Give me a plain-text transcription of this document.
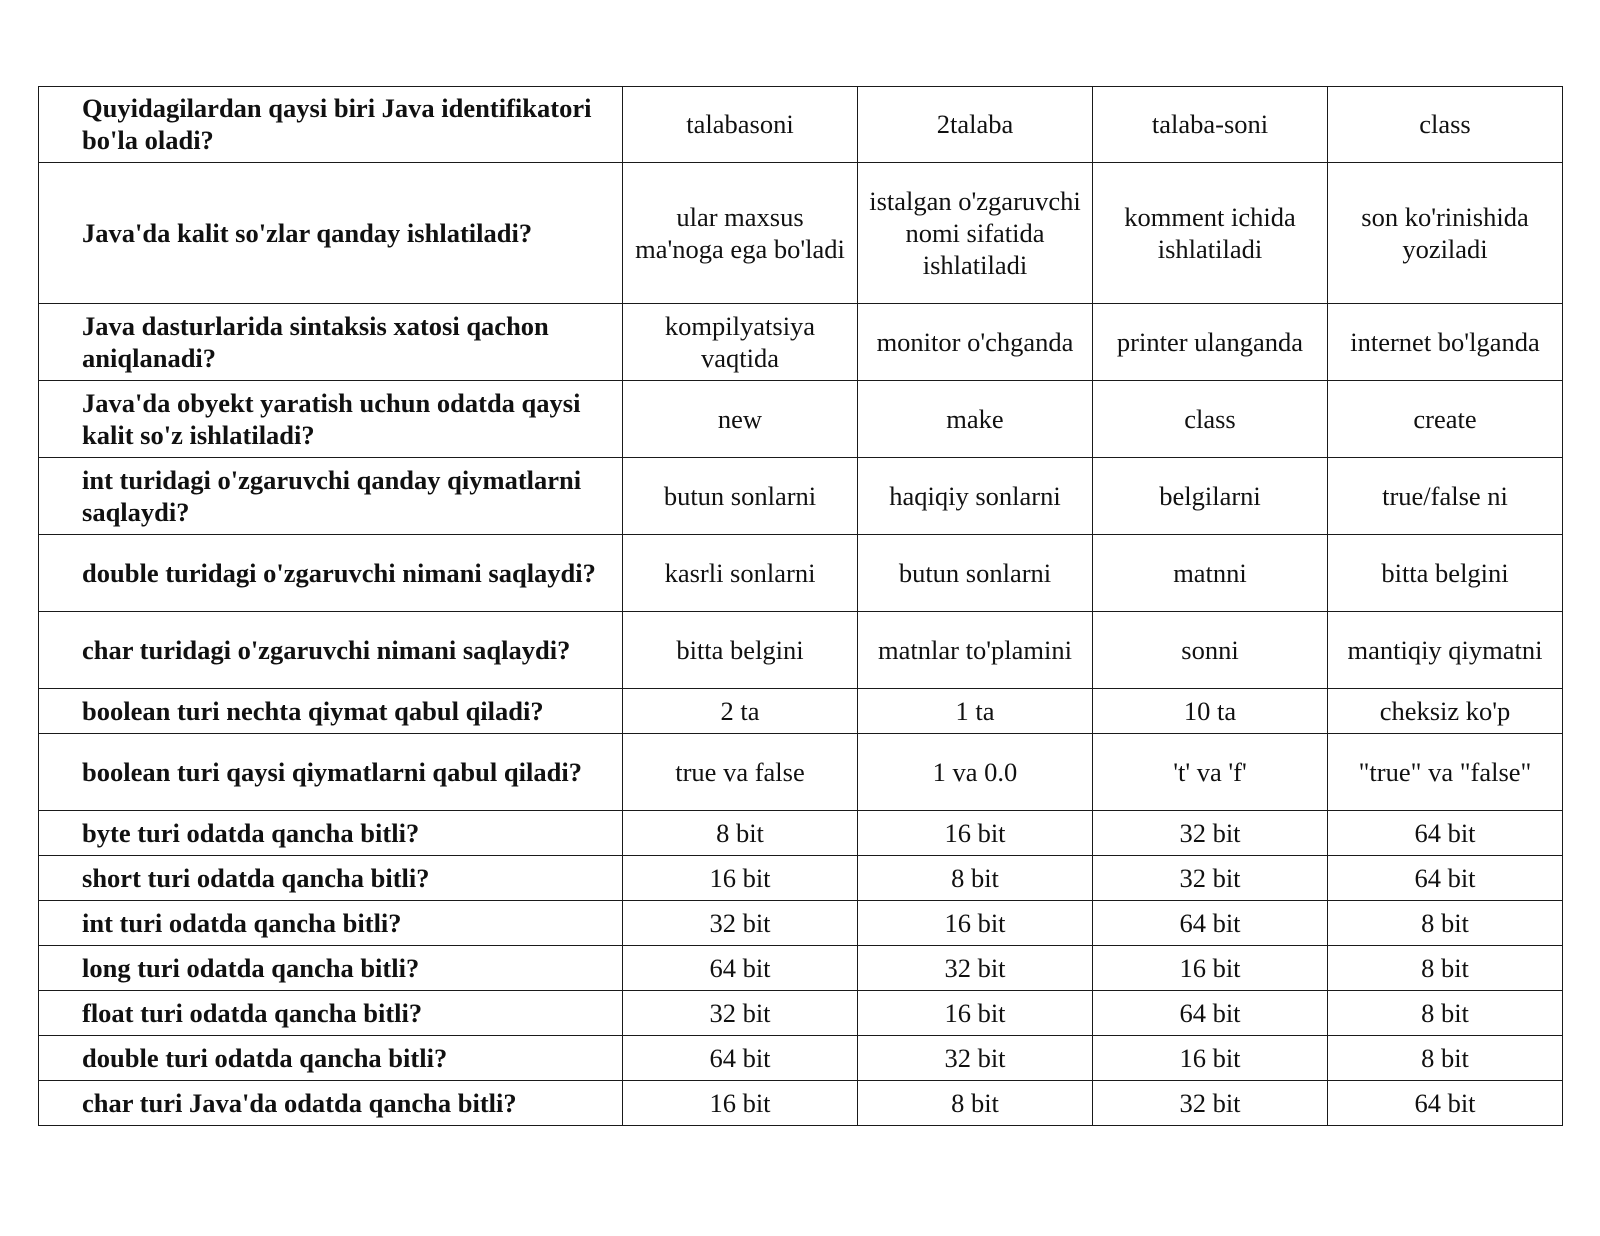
Quyidagilardan qaysi biri Java identifikatori bo'la oladi?	talabasoni	2talaba	talaba-soni	class
Java'da kalit so'zlar qanday ishlatiladi?	ular maxsus ma'noga ega bo'ladi	istalgan o'zgaruvchi nomi sifatida ishlatiladi	komment ichida ishlatiladi	son ko'rinishida yoziladi
Java dasturlarida sintaksis xatosi qachon aniqlanadi?	kompilyatsiya vaqtida	monitor o'chganda	printer ulanganda	internet bo'lganda
Java'da obyekt yaratish uchun odatda qaysi kalit so'z ishlatiladi?	new	make	class	create
int turidagi o'zgaruvchi qanday qiymatlarni saqlaydi?	butun sonlarni	haqiqiy sonlarni	belgilarni	true/false ni
double turidagi o'zgaruvchi nimani saqlaydi?	kasrli sonlarni	butun sonlarni	matnni	bitta belgini
char turidagi o'zgaruvchi nimani saqlaydi?	bitta belgini	matnlar to'plamini	sonni	mantiqiy qiymatni
boolean turi nechta qiymat qabul qiladi?	2 ta	1 ta	10 ta	cheksiz ko'p
boolean turi qaysi qiymatlarni qabul qiladi?	true va false	1 va 0.0	't' va 'f'	"true" va "false"
byte turi odatda qancha bitli?	8 bit	16 bit	32 bit	64 bit
short turi odatda qancha bitli?	16 bit	8 bit	32 bit	64 bit
int turi odatda qancha bitli?	32 bit	16 bit	64 bit	8 bit
long turi odatda qancha bitli?	64 bit	32 bit	16 bit	8 bit
float turi odatda qancha bitli?	32 bit	16 bit	64 bit	8 bit
double turi odatda qancha bitli?	64 bit	32 bit	16 bit	8 bit
char turi Java'da odatda qancha bitli?	16 bit	8 bit	32 bit	64 bit
